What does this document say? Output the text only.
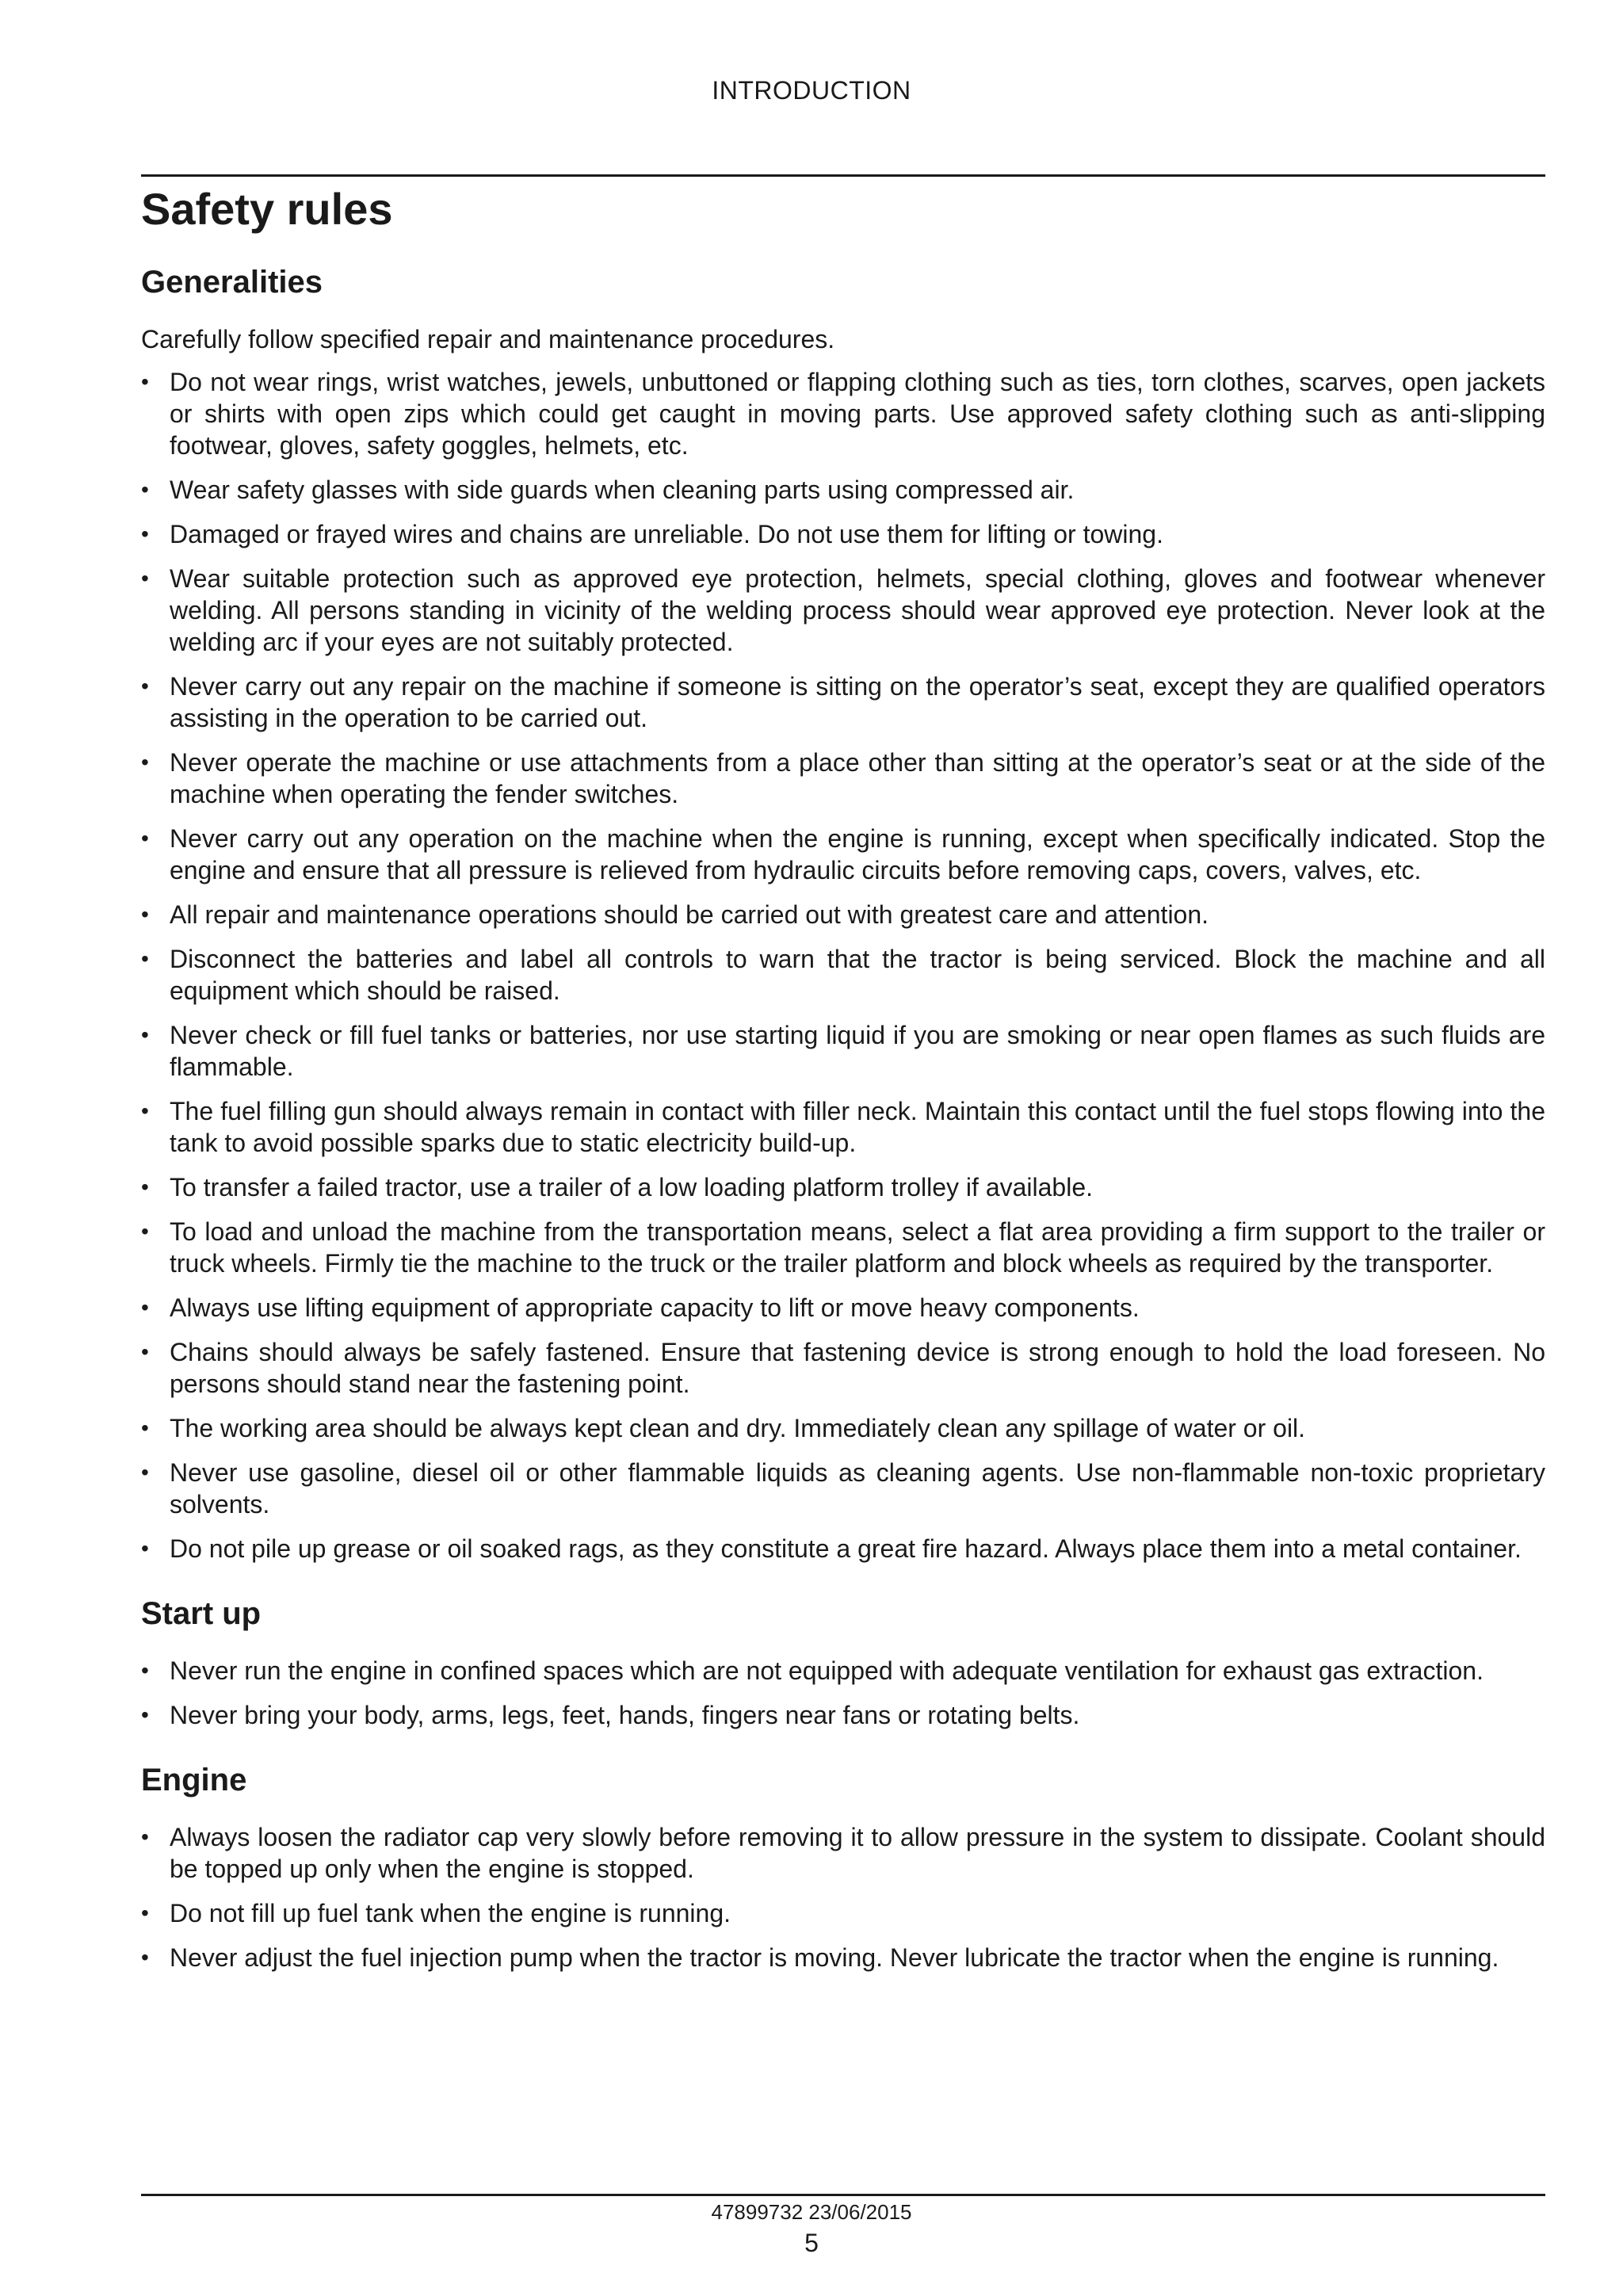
INTRODUCTION
Safety rules
Generalities

Carefully follow specified repair and maintenance procedures.

• Do not wear rings, wrist watches, jewels, unbuttoned or flapping clothing such as ties, torn clothes, scarves, open jackets or shirts with open zips which could get caught in moving parts. Use approved safety clothing such as anti-slipping footwear, gloves, safety goggles, helmets, etc.
• Wear safety glasses with side guards when cleaning parts using compressed air.
• Damaged or frayed wires and chains are unreliable. Do not use them for lifting or towing.
• Wear suitable protection such as approved eye protection, helmets, special clothing, gloves and footwear whenever welding. All persons standing in vicinity of the welding process should wear approved eye protection. Never look at the welding arc if your eyes are not suitably protected.
• Never carry out any repair on the machine if someone is sitting on the operator’s seat, except they are qualified operators assisting in the operation to be carried out.
• Never operate the machine or use attachments from a place other than sitting at the operator’s seat or at the side of the machine when operating the fender switches.
• Never carry out any operation on the machine when the engine is running, except when specifically indicated. Stop the engine and ensure that all pressure is relieved from hydraulic circuits before removing caps, covers, valves, etc.
• All repair and maintenance operations should be carried out with greatest care and attention.
• Disconnect the batteries and label all controls to warn that the tractor is being serviced. Block the machine and all equipment which should be raised.
• Never check or fill fuel tanks or batteries, nor use starting liquid if you are smoking or near open flames as such fluids are flammable.
• The fuel filling gun should always remain in contact with filler neck. Maintain this contact until the fuel stops flowing into the tank to avoid possible sparks due to static electricity build-up.
• To transfer a failed tractor, use a trailer of a low loading platform trolley if available.
• To load and unload the machine from the transportation means, select a flat area providing a firm support to the trailer or truck wheels. Firmly tie the machine to the truck or the trailer platform and block wheels as required by the transporter.
• Always use lifting equipment of appropriate capacity to lift or move heavy components.
• Chains should always be safely fastened. Ensure that fastening device is strong enough to hold the load foreseen. No persons should stand near the fastening point.
• The working area should be always kept clean and dry. Immediately clean any spillage of water or oil.
• Never use gasoline, diesel oil or other flammable liquids as cleaning agents. Use non-flammable non-toxic proprietary solvents.
• Do not pile up grease or oil soaked rags, as they constitute a great fire hazard. Always place them into a metal container.
Start up
• Never run the engine in confined spaces which are not equipped with adequate ventilation for exhaust gas extraction.
• Never bring your body, arms, legs, feet, hands, fingers near fans or rotating belts.
Engine
• Always loosen the radiator cap very slowly before removing it to allow pressure in the system to dissipate. Coolant should be topped up only when the engine is stopped.
• Do not fill up fuel tank when the engine is running.
• Never adjust the fuel injection pump when the tractor is moving. Never lubricate the tractor when the engine is running.
47899732 23/06/2015
5
